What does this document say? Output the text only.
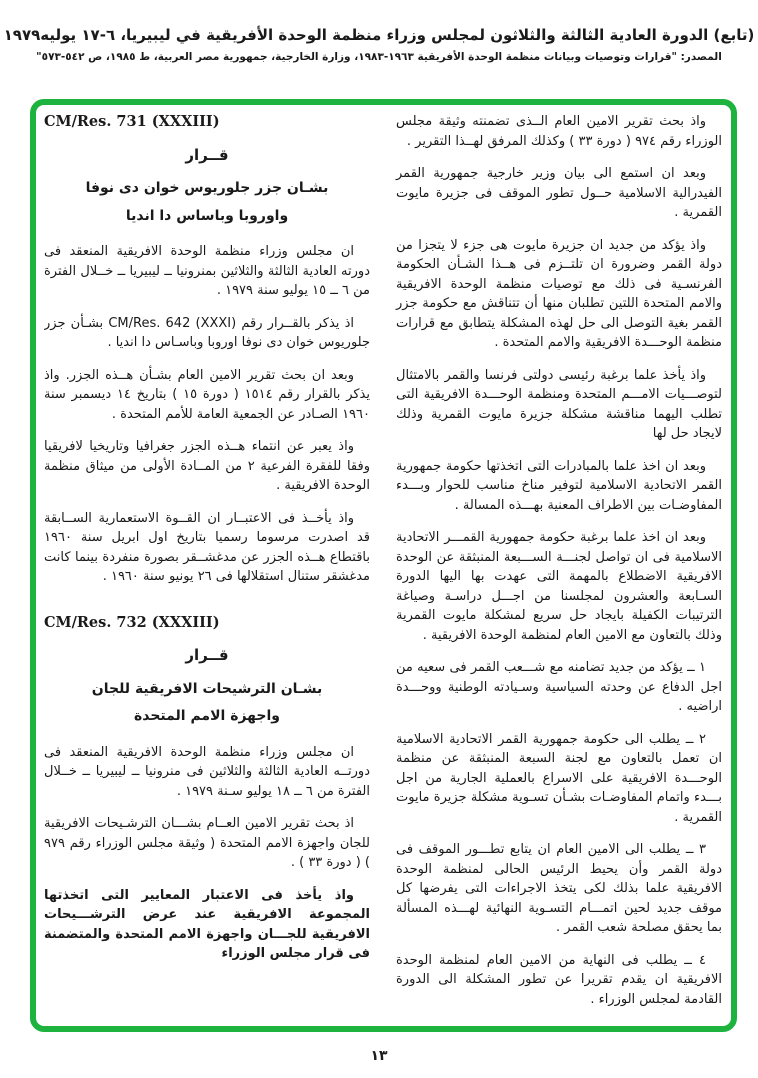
(تابع) الدورة العادية الثالثة والثلاثون لمجلس وزراء منظمة الوحدة الأفريقية في ليبيريا، ٦-١٧ يوليه١٩٧٩
المصدر: "قرارات وتوصيات وبيانات منظمة الوحدة الأفريقية ١٩٦٣-١٩٨٣، وزارة الخارجية، جمهورية مصر العربية، ط ١٩٨٥، ص ٥٤٢-٥٧٣"

واذ بحث تقرير الامين العام الــذى تضمنته وثيقة مجلس الوزراء رقم ٩٧٤ ( دورة ٣٣ ) وكذلك المرفق لهــذا التقرير .

وبعد ان استمع الى بيان وزير خارجية جمهورية القمر الفيدرالية الاسلامية حــول تطور الموقف فى جزيرة مايوت القمرية .

واذ يؤكد من جديد ان جزيرة مايوت هى جزء لا يتجزا من دولة القمر وضرورة ان تلتــزم فى هــذا الشـأن الحكومة الفرنسـية فى ذلك مع توصيات منظمة الوحدة الافريقية والامم المتحدة اللتين تطلبان منها أن تتناقش مع حكومة جزر القمر بغية التوصل الى حل لهذه المشكلة يتطابق مع قرارات منظمة الوحـــدة الافريقية والامم المتحدة .

واذ يأخذ علما برغبة رئيسى دولتى فرنسا والقمر بالامتثال لتوصـــيات الامـــم المتحدة ومنظمة الوحـــدة الافريقية التى تطلب اليهما مناقشة مشكلة جزيرة مايوت القمرية وذلك لايجاد حل لها

وبعد ان اخذ علما بالمبادرات التى اتخذتها حكومة جمهورية القمر الاتحادية الاسلامية لتوفير مناخ مناسب للحوار وبـــدء المفاوضـات بين الاطراف المعنية بهـــذه المسالة .

وبعد ان اخذ علما برغبة حكومة جمهورية القمـــر الاتحادية الاسلامية فى ان تواصل لجنـــة الســـبعة المنبثقة عن الوحدة الافريقية الاضطلاع بالمهمة التى عهدت بها اليها الدورة السـابعة والعشرون لمجلسنا من اجـــل دراسـة وصياغة الترتيبات الكفيلة بايجاد حل سريع لمشكلة مايوت القمرية وذلك بالتعاون مع الامين العام لمنظمة الوحدة الافريقية .

١ ــ يؤكد من جديد تضامنه مع شـــعب القمر فى سعيه من اجل الدفاع عن وحدته السياسية وسـيادته الوطنية ووحـــدة اراضيه .

٢ ــ يطلب الى حكومة جمهورية القمر الاتحادية الاسلامية ان تعمل بالتعاون مع لجنة السبعة المنبثقة عن منظمة الوحـــدة الافريقية على الاسراع بالعملية الجارية من اجل بـــدء واتمام المفاوضـات بشـأن تسـوية مشكلة جزيرة مايوت القمرية .

٣ ــ يطلب الى الامين العام ان يتابع تطـــور الموقف فى دولة القمر وأن يحيط الرئيس الحالى لمنظمة الوحدة الافريقية علما بذلك لكى يتخذ الاجراءات التى يفرضها كل موقف جديد لحين اتمـــام التسـوية النهائية لهـــذه المسألة بما يحقق مصلحة شعب القمر .

٤ ــ يطلب فى النهاية من الامين العام لمنظمة الوحدة الافريقية ان يقدم تقريرا عن تطور المشكلة الى الدورة القادمة لمجلس الوزراء .

CM/Res. 731 (XXXIII)
قــرار
بشـان جزر جلوريوس خوان دى نوفا
واوروبا وباساس دا انديا

ان مجلس وزراء منظمة الوحدة الافريقية المنعقد فى دورته العادية الثالثة والثلاثين بمنرونيا ــ ليبيريا ــ خــلال الفترة من ٦ ــ ١٥ يوليو سنة ١٩٧٩ .

اذ يذكر بالقــرار رقم CM/Res. 642 (XXXI) بشـأن جزر جلوريوس خوان دى نوفا اوروبا وباسـاس دا انديا .

وبعد ان بحث تقرير الامين العام بشـأن هــذه الجزر. واذ يذكر بالقرار رقم ١٥١٤ ( دورة ١٥ ) بتاريخ ١٤ ديسمبر سنة ١٩٦٠ الصـادر عن الجمعية العامة للأمم المتحدة .

واذ يعبر عن انتماء هــذه الجزر جغرافيا وتاريخيا لافريقيا وفقا للفقرة الفرعية ٢ من المــادة الأولى من ميثاق منظمة الوحدة الافريقية .

واذ يأخــذ فى الاعتبــار ان القــوة الاستعمارية الســابقة قد اصدرت مرسوما رسميا بتاريخ اول ابريل سنة ١٩٦٠ باقتطاع هــذه الجزر عن مدغشــقر بصورة منفردة بينما كانت مدغشقر ستنال استقلالها فى ٢٦ يونيو سنة ١٩٦٠ .

CM/Res. 732 (XXXIII)
قــرار
بشـان الترشيحات الافريقية للجان
واجهزة الامم المتحدة

ان مجلس وزراء منظمة الوحدة الافريقية المنعقد فى دورتــه العادية الثالثة والثلاثين فى منرونيا ــ ليبيريا ــ خــلال الفترة من ٦ ــ ١٨ يوليو سـنة ١٩٧٩ .

اذ بحث تقرير الامين العــام بشـــان الترشـيحات الافريقية للجان واجهزة الامم المتحدة ( وثيقة مجلس الوزراء رقم ٩٧٩ ) ( دورة ٣٣ ) .

واذ يأخذ فى الاعتبار المعايير التى اتخذتها المجموعة الافريقية عند عرض الترشـــيحات الافريقية للجـــان واجهزة الامم المتحدة والمتضمنة فى قرار مجلس الوزراء

١٣
